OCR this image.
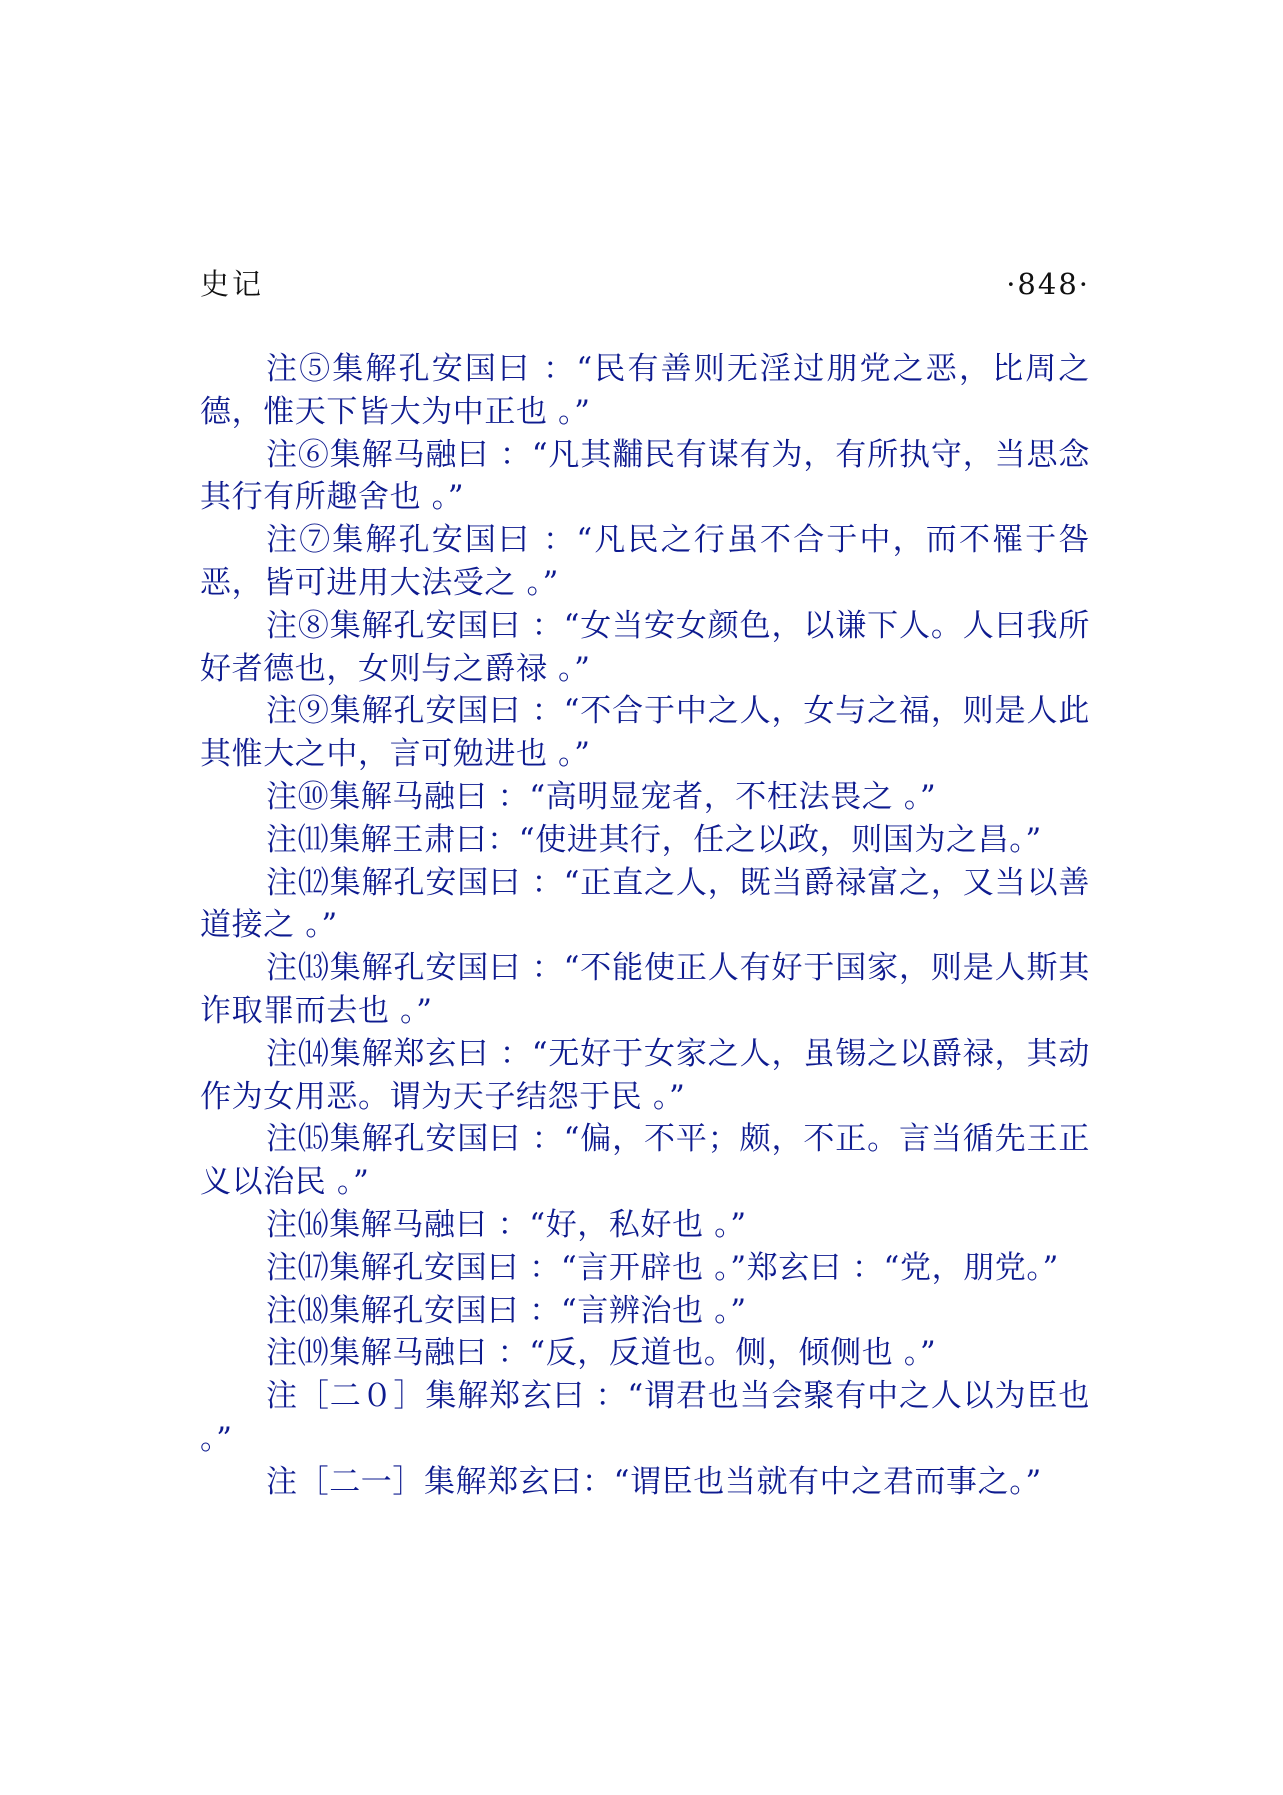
史记	·848·

注⑤集解孔安国曰 ：“民有善则无淫过朋党之恶，比周之德，惟天下皆大为中正也 。”

注⑥集解马融曰 ：“凡其黼民有谋有为，有所执守，当思念其行有所趣舍也 。”

注⑦集解孔安国曰 ：“凡民之行虽不合于中，而不罹于咎恶，皆可进用大法受之 。”

注⑧集解孔安国曰 ：“女当安女颜色，以谦下人。人曰我所好者德也，女则与之爵禄 。”

注⑨集解孔安国曰 ：“不合于中之人，女与之福，则是人此其惟大之中，言可勉进也 。”

注⑩集解马融曰 ：“高明显宠者，不枉法畏之 。”

注⑾集解王肃曰：“使进其行，任之以政，则国为之昌。”

注⑿集解孔安国曰 ：“正直之人，既当爵禄富之，又当以善道接之 。”

注⒀集解孔安国曰 ：“不能使正人有好于国家，则是人斯其诈取罪而去也 。”

注⒁集解郑玄曰 ：“无好于女家之人，虽锡之以爵禄，其动作为女用恶。谓为天子结怨于民 。”

注⒂集解孔安国曰 ：“偏，不平；颇，不正。言当循先王正义以治民 。”

注⒃集解马融曰 ：“好，私好也 。”

注⒄集解孔安国曰 ：“言开辟也 。”郑玄曰 ：“党，朋党。”

注⒅集解孔安国曰 ：“言辨治也 。”

注⒆集解马融曰 ：“反，反道也。侧，倾侧也 。”

注［二０］集解郑玄曰 ：“谓君也当会聚有中之人以为臣也 。”

注［二一］集解郑玄曰：“谓臣也当就有中之君而事之。”
